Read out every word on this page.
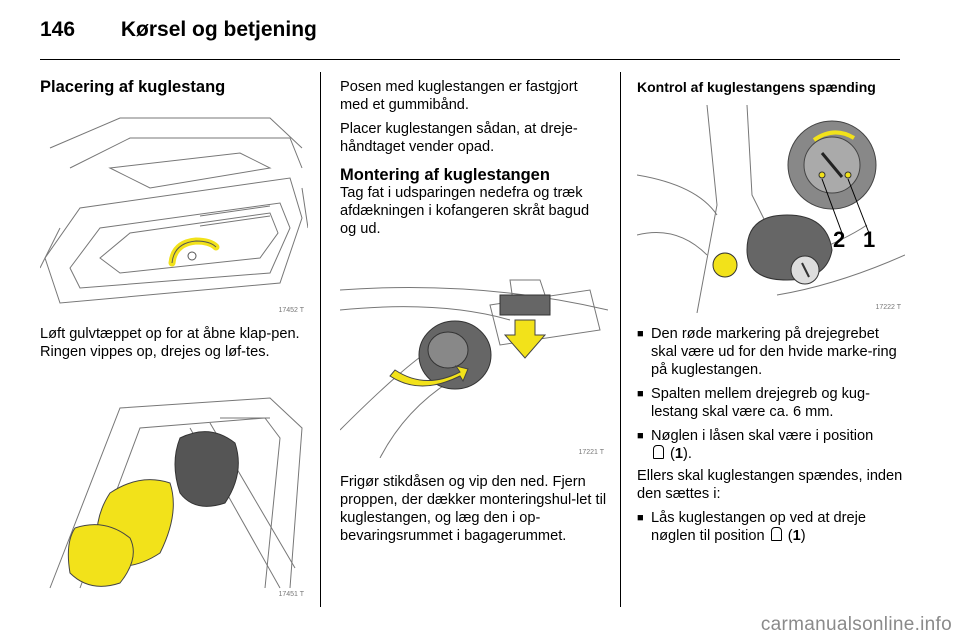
146 Kørsel og betjening
Placering af kuglestang
17452 T

Løft gulvtæppet op for at åbne klap-pen. Ringen vippes op, drejes og løf-tes.

17451 T

Posen med kuglestangen er fastgjort med et gummibånd.

Placer kuglestangen sådan, at dreje-håndtaget vender opad.

Montering af kuglestangen

Tag fat i udsparingen nedefra og træk afdækningen i kofangeren skråt bagud og ud.

17221 T

Frigør stikdåsen og vip den ned. Fjern proppen, der dækker monteringshul-let til kuglestangen, og læg den i op-bevaringsrummet i bagagerummet.

Kontrol af kuglestangens spænding
2 1
17222 T
■ Den røde markering på drejegrebet skal være ud for den hvide marke-ring på kuglestangen.
■ Spalten mellem drejegreb og kug-lestang skal være ca. 6 mm.
■ Nøglen i låsen skal være i position
(1).

Ellers skal kuglestangen spændes, inden den sættes i:

■ Lås kuglestangen op ved at dreje nøglen til position  (1)
carmanualsonline.info
